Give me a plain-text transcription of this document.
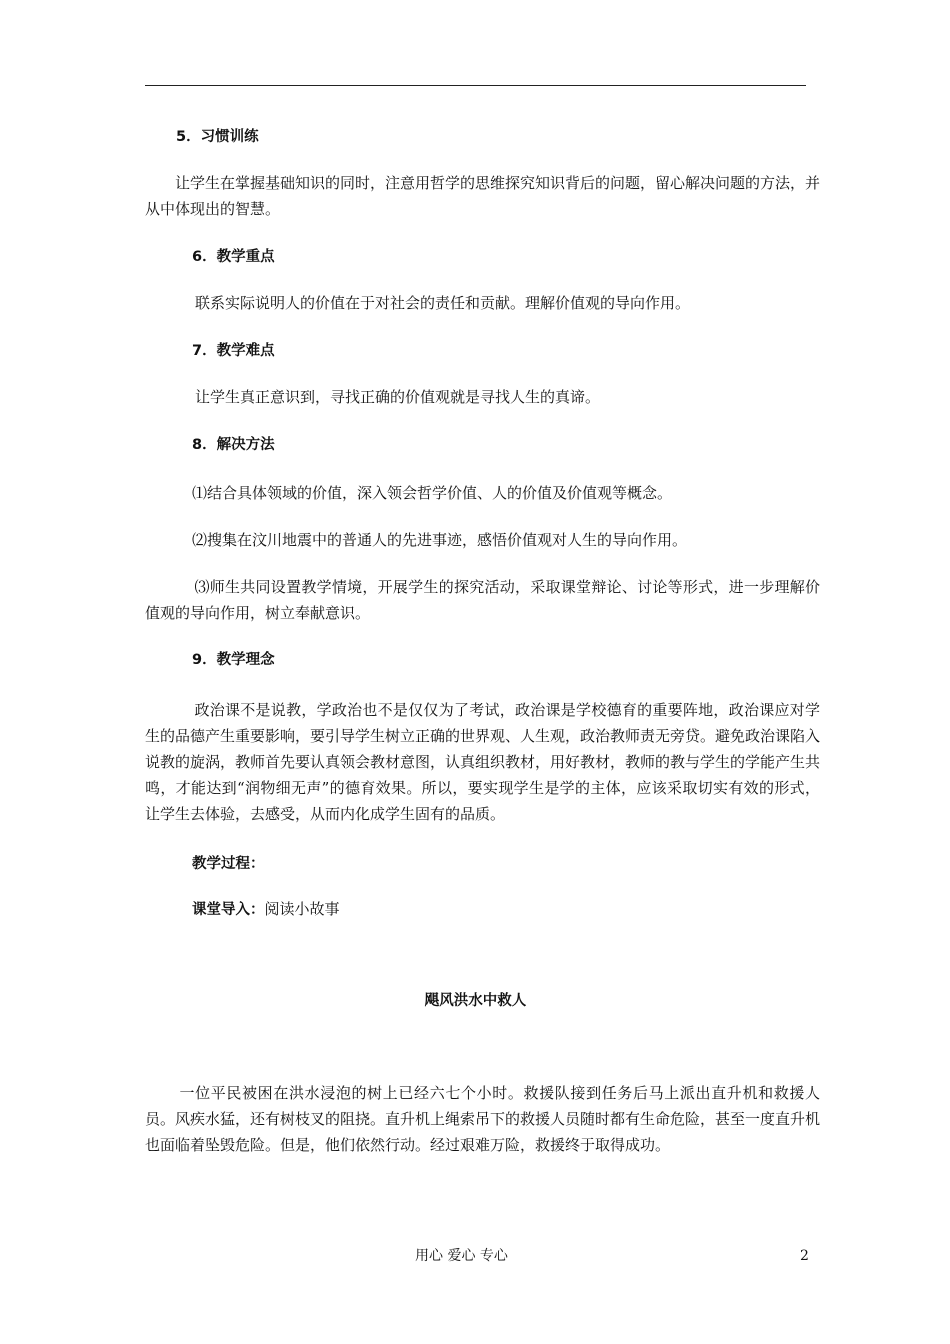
5．习惯训练
让学生在掌握基础知识的同时，注意用哲学的思维探究知识背后的问题，留心解决问题的方法，并从中体现出的智慧。
6．教学重点
联系实际说明人的价值在于对社会的责任和贡献。理解价值观的导向作用。
7．教学难点
让学生真正意识到，寻找正确的价值观就是寻找人生的真谛。
8．解决方法
⑴结合具体领域的价值，深入领会哲学价值、人的价值及价值观等概念。
⑵搜集在汶川地震中的普通人的先进事迹，感悟价值观对人生的导向作用。
⑶师生共同设置教学情境，开展学生的探究活动，采取课堂辩论、讨论等形式，进一步理解价值观的导向作用，树立奉献意识。
9．教学理念
政治课不是说教，学政治也不是仅仅为了考试，政治课是学校德育的重要阵地，政治课应对学生的品德产生重要影响，要引导学生树立正确的世界观、人生观，政治教师责无旁贷。避免政治课陷入说教的旋涡，教师首先要认真领会教材意图，认真组织教材，用好教材，教师的教与学生的学能产生共鸣，才能达到“润物细无声”的德育效果。所以，要实现学生是学的主体，应该采取切实有效的形式，让学生去体验，去感受，从而内化成学生固有的品质。
教学过程：
课堂导入：阅读小故事
飓风洪水中救人
一位平民被困在洪水浸泡的树上已经六七个小时。救援队接到任务后马上派出直升机和救援人员。风疾水猛，还有树枝叉的阻挠。直升机上绳索吊下的救援人员随时都有生命危险，甚至一度直升机也面临着坠毁危险。但是，他们依然行动。经过艰难万险，救援终于取得成功。
用心 爱心 专心	2
